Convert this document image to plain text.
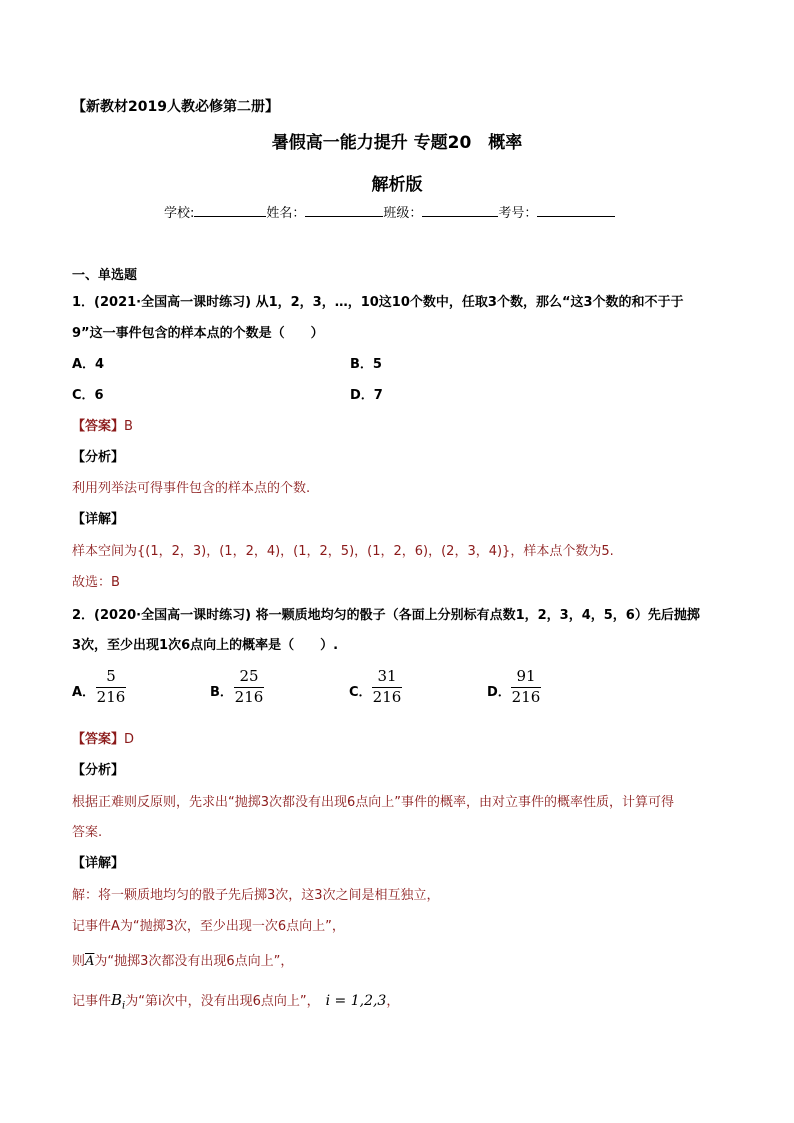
【新教材2019人教必修第二册】
暑假高一能力提升 专题20　概率
解析版
学校:	姓名：	班级：	考号：
一、单选题
1．(2021·全国高一课时练习) 从1，2，3，…，10这10个数中，任取3个数，那么“这3个数的和不于于
9”这一事件包含的样本点的个数是（　　）
A．4	B．5
C．6	D．7
【答案】B
【分析】
利用列举法可得事件包含的样本点的个数.
【详解】
样本空间为{(1，2，3)，(1，2，4)，(1，2，5)，(1，2，6)，(2，3，4)}，样本点个数为5.
故选：B
2．(2020·全国高一课时练习) 将一颗质地均匀的骰子（各面上分别标有点数1，2，3，4，5，6）先后抛掷
3次，至少出现1次6点向上的概率是（　　）.
A．
5
216	B．
25
216	C．
31
216	D．
91
216
【答案】D
【分析】
根据正难则反原则，先求出“抛掷3次都没有出现6点向上”事件的概率，由对立事件的概率性质，计算可得
答案.
【详解】
解：将一颗质地均匀的骰子先后掷3次，这3次之间是相互独立，
记事件A为“抛掷3次，至少出现一次6点向上”，
则$\overline{A}$为“抛掷3次都没有出现6点向上”，
记事件$B_i$为“第i次中，没有出现6点向上”， i = 1,2,3，
